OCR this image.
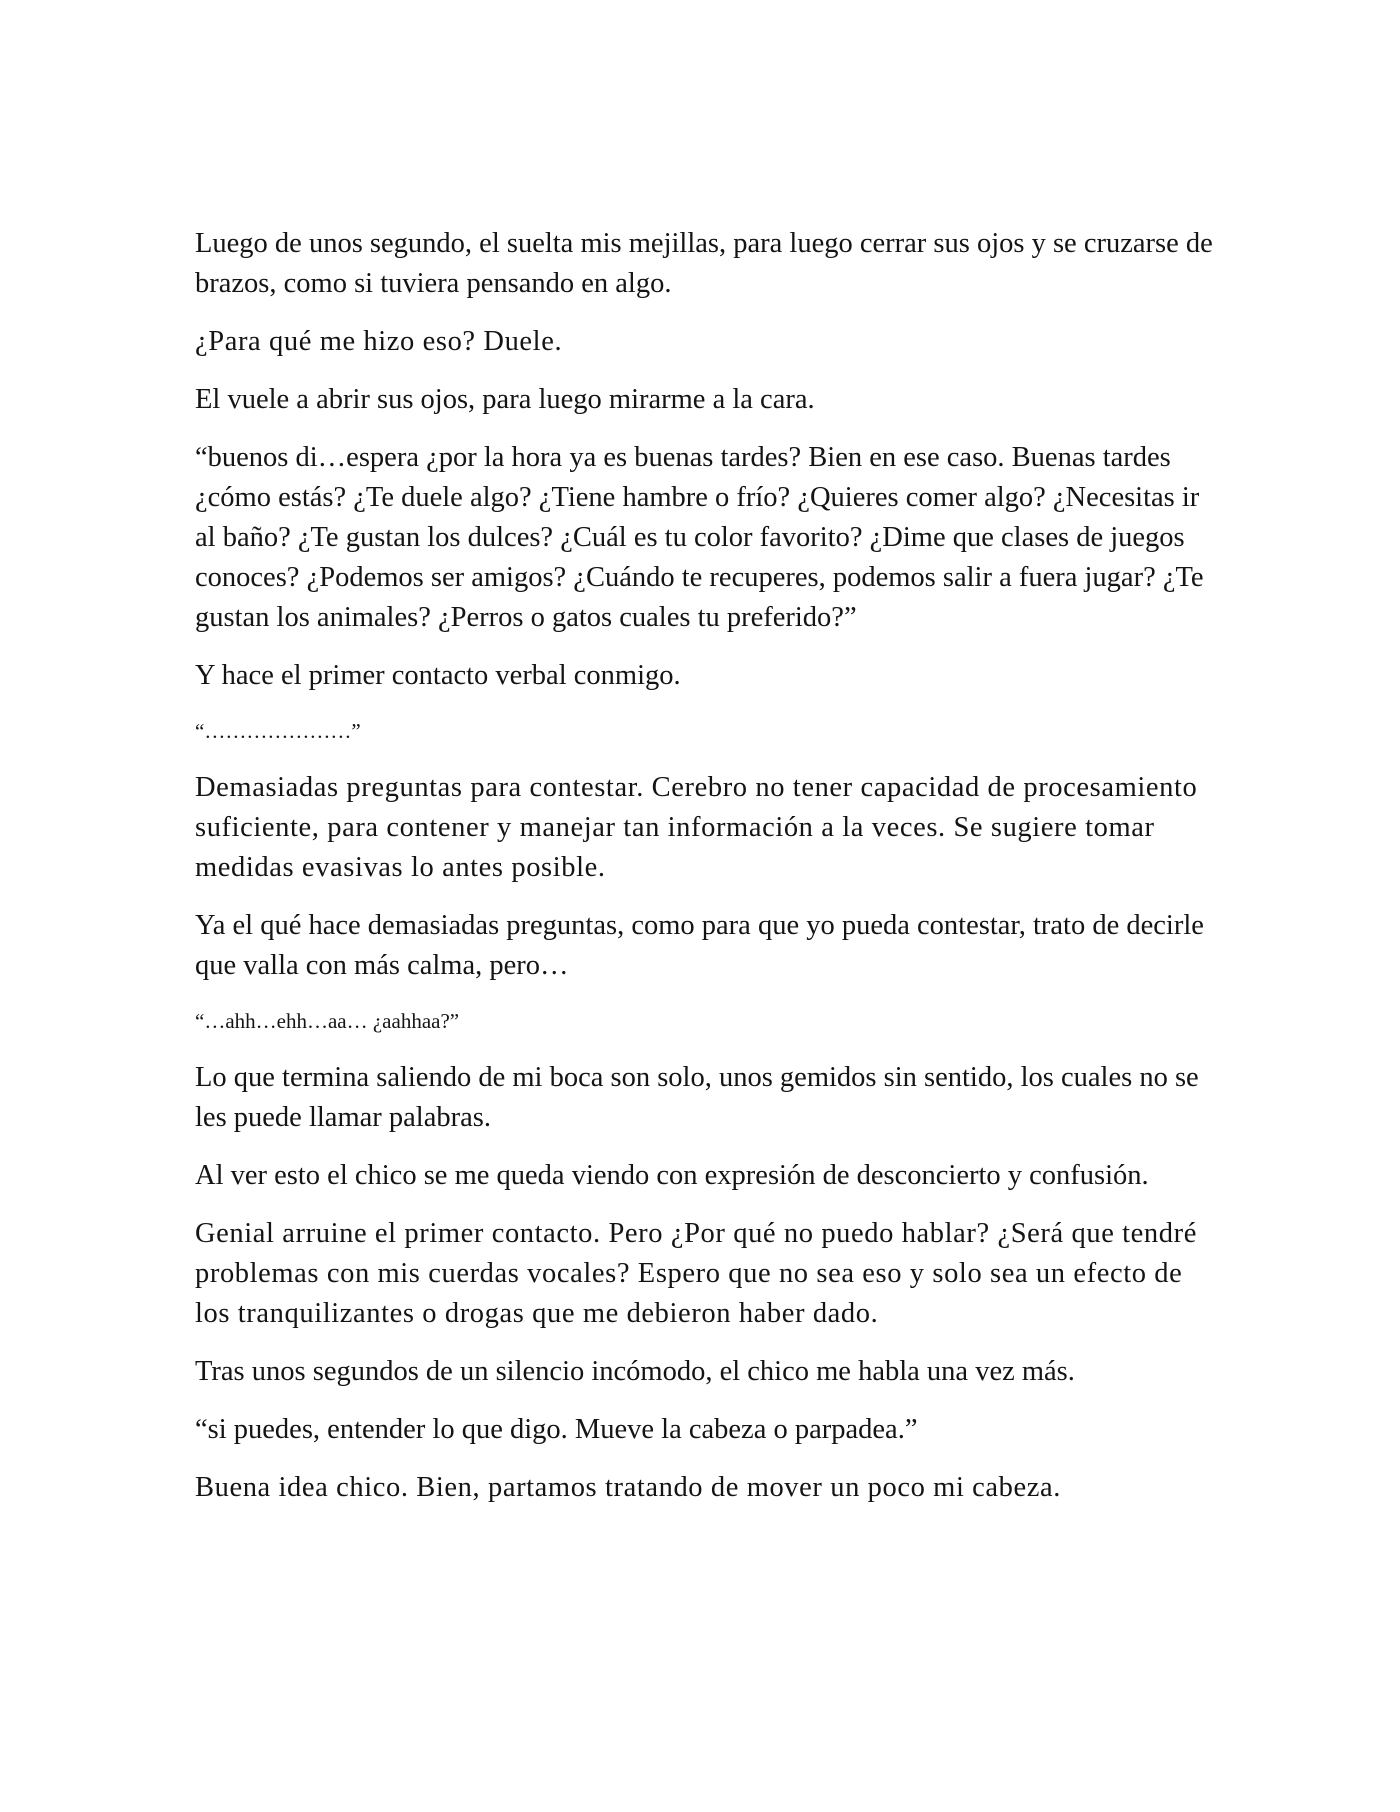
Luego de unos segundo, el suelta mis mejillas, para luego cerrar sus ojos y se cruzarse de brazos, como si tuviera pensando en algo.

¿Para qué me hizo eso? Duele.

El vuele a abrir sus ojos, para luego mirarme a la cara.

“buenos di…espera ¿por la hora ya es buenas tardes? Bien en ese caso. Buenas tardes ¿cómo estás? ¿Te duele algo? ¿Tiene hambre o frío? ¿Quieres comer algo? ¿Necesitas ir al baño? ¿Te gustan los dulces? ¿Cuál es tu color favorito? ¿Dime que clases de juegos conoces? ¿Podemos ser amigos? ¿Cuándo te recuperes, podemos salir a fuera jugar? ¿Te gustan los animales? ¿Perros o gatos cuales tu preferido?”

Y hace el primer contacto verbal conmigo.

“…………………”

Demasiadas preguntas para contestar. Cerebro no tener capacidad de procesamiento suficiente, para contener y manejar tan información a la veces. Se sugiere tomar medidas evasivas lo antes posible.

Ya el qué hace demasiadas preguntas, como para que yo pueda contestar, trato de decirle que valla con más calma, pero…

“…ahh…ehh…aa… ¿aahhaa?”

Lo que termina saliendo de mi boca son solo, unos gemidos sin sentido, los cuales no se les puede llamar palabras.

Al ver esto el chico se me queda viendo con expresión de desconcierto y confusión.

Genial arruine el primer contacto. Pero ¿Por qué no puedo hablar? ¿Será que tendré problemas con mis cuerdas vocales? Espero que no sea eso y solo sea un efecto de los tranquilizantes o drogas que me debieron haber dado.

Tras unos segundos de un silencio incómodo, el chico me habla una vez más.

“si puedes, entender lo que digo. Mueve la cabeza o parpadea.”

Buena idea chico. Bien, partamos tratando de mover un poco mi cabeza.
